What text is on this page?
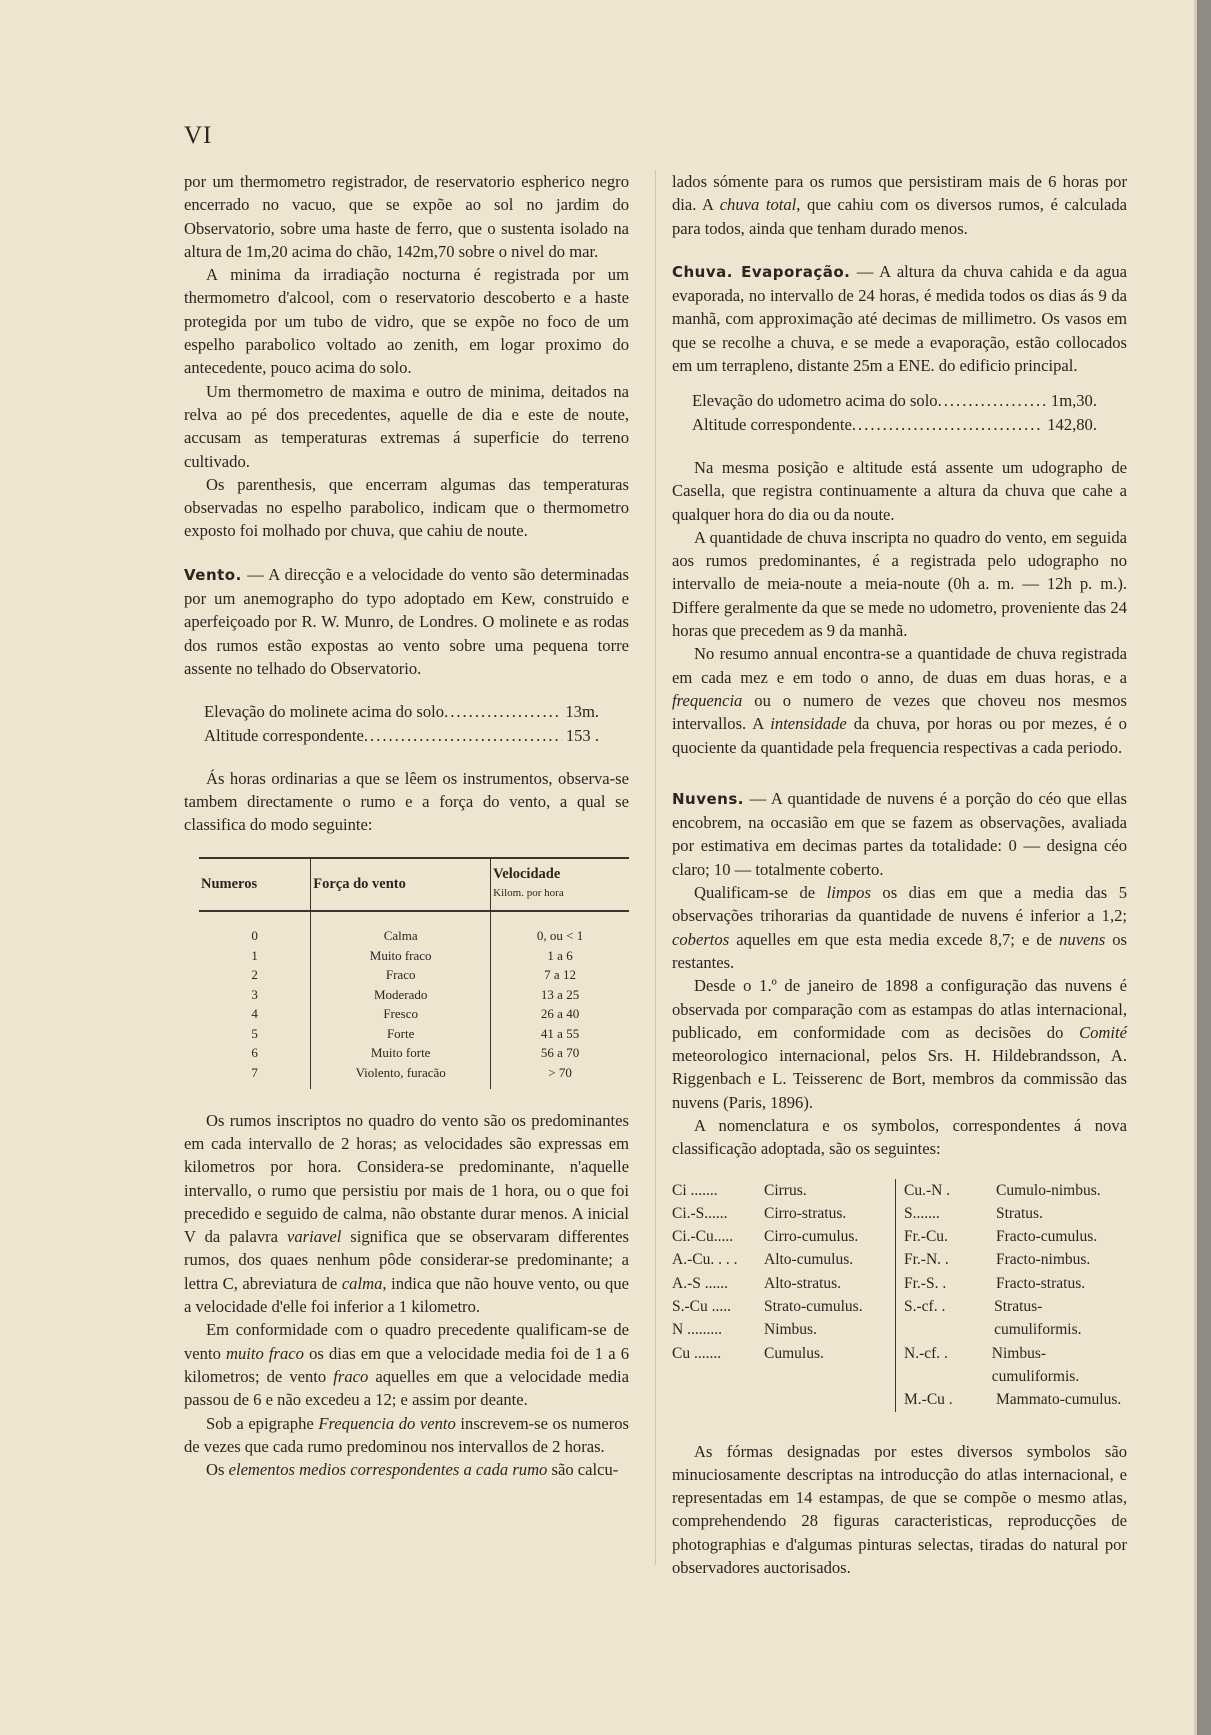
VI

por um thermometro registrador, de reservatorio espherico negro encerrado no vacuo, que se expõe ao sol no jardim do Observatorio, sobre uma haste de ferro, que o sustenta isolado na altura de 1m,20 acima do chão, 142m,70 sobre o nivel do mar.

A minima da irradiação nocturna é registrada por um thermometro d'alcool, com o reservatorio descoberto e a haste protegida por um tubo de vidro, que se expõe no foco de um espelho parabolico voltado ao zenith, em logar proximo do antecedente, pouco acima do solo.

Um thermometro de maxima e outro de minima, deitados na relva ao pé dos precedentes, aquelle de dia e este de noute, accusam as temperaturas extremas á superficie do terreno cultivado.

Os parenthesis, que encerram algumas das temperaturas observadas no espelho parabolico, indicam que o thermometro exposto foi molhado por chuva, que cahiu de noute.

Vento. — A direcção e a velocidade do vento são determinadas por um anemographo do typo adoptado em Kew, construido e aperfeiçoado por R. W. Munro, de Londres. O molinete e as rodas dos rumos estão expostas ao vento sobre uma pequena torre assente no telhado do Observatorio.

Elevação do molinete acima do solo .....	13m.
Altitude correspondente .....	153 .

Ás horas ordinarias a que se lêem os instrumentos, observa-se tambem directamente o rumo e a força do vento, a qual se classifica do modo seguinte:

Numeros	Força do vento	Velocidade
Kilom. por hora

0	Calma	0, ou < 1
1	Muito fraco	1 a 6
2	Fraco	7 a 12
3	Moderado	13 a 25
4	Fresco	26 a 40
5	Forte	41 a 55
6	Muito forte	56 a 70
7	Violento, furacão	> 70

Os rumos inscriptos no quadro do vento são os predominantes em cada intervallo de 2 horas; as velocidades são expressas em kilometros por hora. Considera-se predominante, n'aquelle intervallo, o rumo que persistiu por mais de 1 hora, ou o que foi precedido e seguido de calma, não obstante durar menos. A inicial V da palavra variavel significa que se observaram differentes rumos, dos quaes nenhum pôde considerar-se predominante; a lettra C, abreviatura de calma, indica que não houve vento, ou que a velocidade d'elle foi inferior a 1 kilometro.

Em conformidade com o quadro precedente qualificam-se de vento muito fraco os dias em que a velocidade media foi de 1 a 6 kilometros; de vento fraco aquelles em que a velocidade media passou de 6 e não excedeu a 12; e assim por deante.

Sob a epigraphe Frequencia do vento inscrevem-se os numeros de vezes que cada rumo predominou nos intervallos de 2 horas.

Os elementos medios correspondentes a cada rumo são calcu-

lados sómente para os rumos que persistiram mais de 6 horas por dia. A chuva total, que cahiu com os diversos rumos, é calculada para todos, ainda que tenham durado menos.

Chuva. Evaporação. — A altura da chuva cahida e da agua evaporada, no intervallo de 24 horas, é medida todos os dias ás 9 da manhã, com approximação até decimas de millimetro. Os vasos em que se recolhe a chuva, e se mede a evaporação, estão collocados em um terrapleno, distante 25m a ENE. do edificio principal.

Elevação do udometro acima do solo .....	1m,30.
Altitude correspondente .....	142,80.

Na mesma posição e altitude está assente um udographo de Casella, que registra continuamente a altura da chuva que cahe a qualquer hora do dia ou da noute.

A quantidade de chuva inscripta no quadro do vento, em seguida aos rumos predominantes, é a registrada pelo udographo no intervallo de meia-noute a meia-noute (0h a. m. — 12h p. m.). Differe geralmente da que se mede no udometro, proveniente das 24 horas que precedem as 9 da manhã.

No resumo annual encontra-se a quantidade de chuva registrada em cada mez e em todo o anno, de duas em duas horas, e a frequencia ou o numero de vezes que choveu nos mesmos intervallos. A intensidade da chuva, por horas ou por mezes, é o quociente da quantidade pela frequencia respectivas a cada periodo.

Nuvens. — A quantidade de nuvens é a porção do céo que ellas encobrem, na occasião em que se fazem as observações, avaliada por estimativa em decimas partes da totalidade: 0 — designa céo claro; 10 — totalmente coberto.

Qualificam-se de limpos os dias em que a media das 5 observações trihorarias da quantidade de nuvens é inferior a 1,2; cobertos aquelles em que esta media excede 8,7; e de nuvens os restantes.

Desde o 1.º de janeiro de 1898 a configuração das nuvens é observada por comparação com as estampas do atlas internacional, publicado, em conformidade com as decisões do Comité meteorologico internacional, pelos Srs. H. Hildebrandsson, A. Riggenbach e L. Teisserenc de Bort, membros da commissão das nuvens (Paris, 1896).

A nomenclatura e os symbolos, correspondentes á nova classificação adoptada, são os seguintes:

Ci .......	Cirrus.
Ci.-S......	Cirro-stratus.
Ci.-Cu.....	Cirro-cumulus.
A.-Cu. . . .	Alto-cumulus.
A.-S ......	Alto-stratus.
S.-Cu .....	Strato-cumulus.
N .........	Nimbus.
Cu .......	Cumulus.
Cu.-N .	Cumulo-nimbus.
S.......	Stratus.
Fr.-Cu.	Fracto-cumulus.
Fr.-N. .	Fracto-nimbus.
Fr.-S. .	Fracto-stratus.
S.-cf. .	Stratus-cumuliformis.
N.-cf. .	Nimbus-cumuliformis.
M.-Cu .	Mammato-cumulus.

As fórmas designadas por estes diversos symbolos são minuciosamente descriptas na introducção do atlas internacional, e representadas em 14 estampas, de que se compõe o mesmo atlas, comprehendendo 28 figuras caracteristicas, reproducções de photographias e d'algumas pinturas selectas, tiradas do natural por observadores auctorisados.
